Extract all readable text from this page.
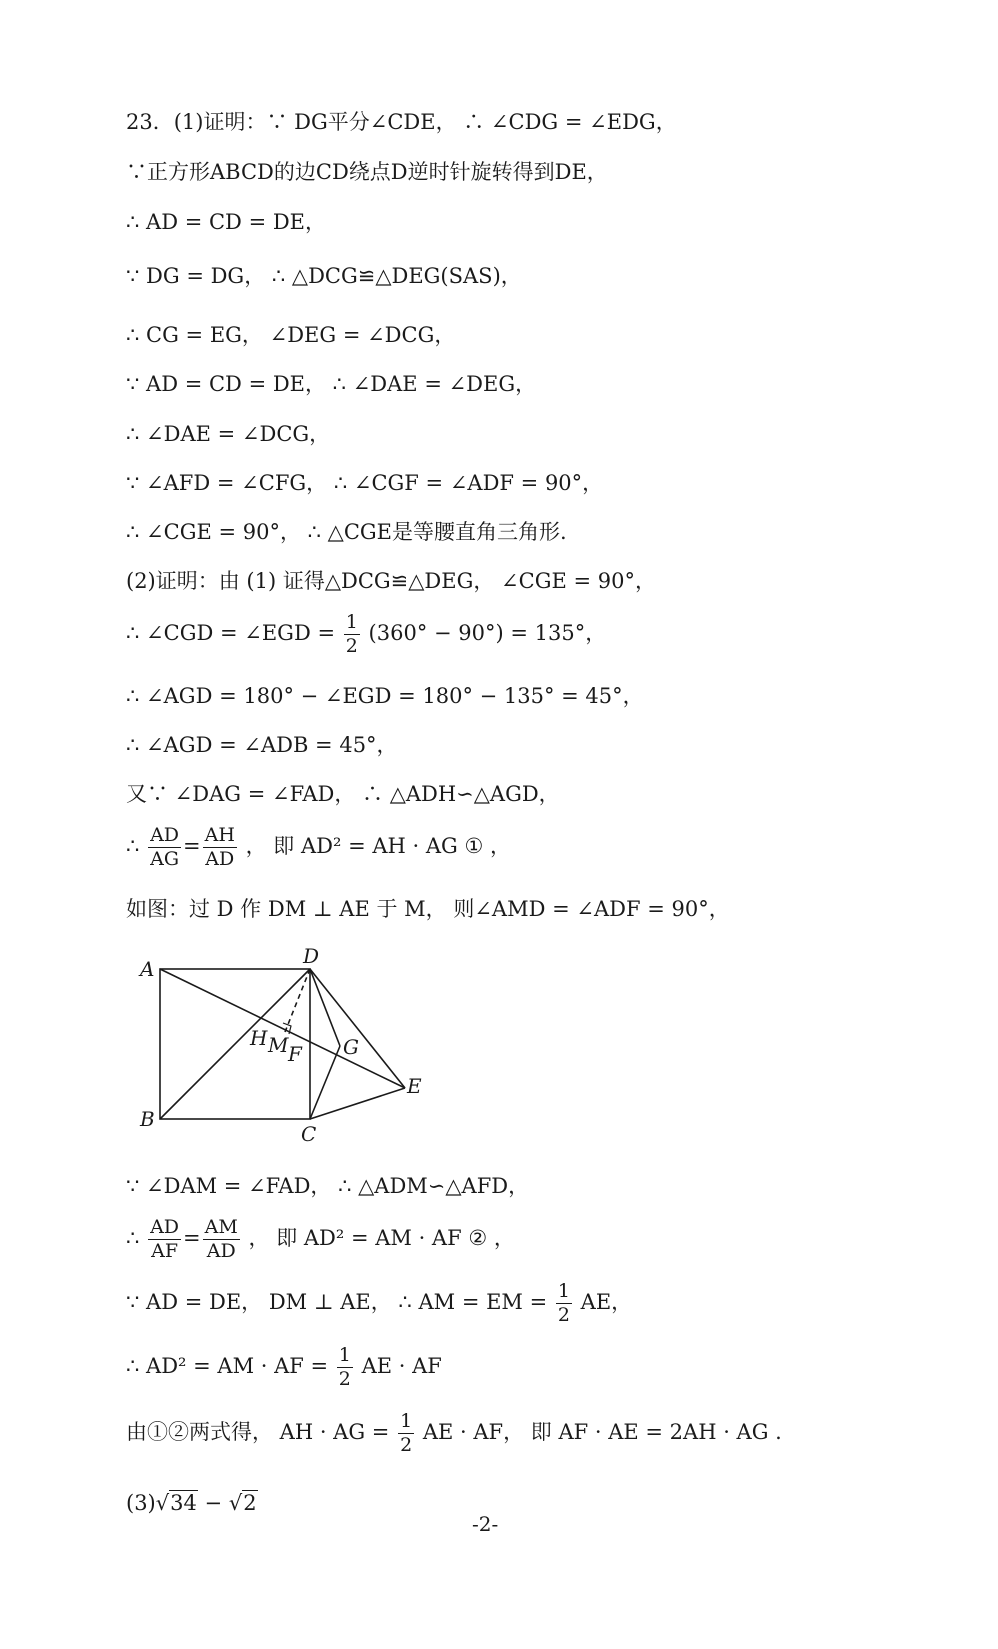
23．(1)证明：∵ DG平分∠CDE， ∴ ∠CDG = ∠EDG，
∵正方形ABCD的边CD绕点D逆时针旋转得到DE，
∴ AD = CD = DE，
∵ DG = DG， ∴ △DCG≌△DEG(SAS)，
∴ CG = EG， ∠DEG = ∠DCG，
∵ AD = CD = DE， ∴ ∠DAE = ∠DEG，
∴ ∠DAE = ∠DCG，
∵ ∠AFD = ∠CFG， ∴ ∠CGF = ∠ADF = 90°，
∴ ∠CGE = 90°， ∴ △CGE是等腰直角三角形.
(2)证明：由 (1) 证得△DCG≌△DEG， ∠CGE = 90°，
∴ ∠CGD = ∠EGD = $\frac{1}{2} (360^\circ - 90^\circ) = 135^\circ$，
∴ ∠AGD = 180° − ∠EGD = 180° − 135° = 45°，
∴ ∠AGD = ∠ADB = 45°，
又∵ ∠DAG = ∠FAD， ∴ △ADH∽△AGD，
∴ $\frac{AD}{AG} = \frac{AH}{AD}$ ， 即 AD² = AH · AG ① ，
如图：过 D 作 DM ⊥ AE 于 M， 则∠AMD = ∠ADF = 90°，
A
D
B
C
E
H M F G
∵ ∠DAM = ∠FAD， ∴ △ADM∽△AFD，
∴ $\frac{AD}{AF} = \frac{AM}{AD}$ ， 即 AD² = AM · AF ② ，
∵ AD = DE， DM ⊥ AE， ∴ AM = EM = $\frac{1}{2}$ AE，
∴ AD² = AM · AF = $\frac{1}{2}$ AE · AF
由①②两式得， AH · AG = $\frac{1}{2}$ AE · AF， 即 AF · AE = 2AH · AG .
(3)√34 − √2
-2-
